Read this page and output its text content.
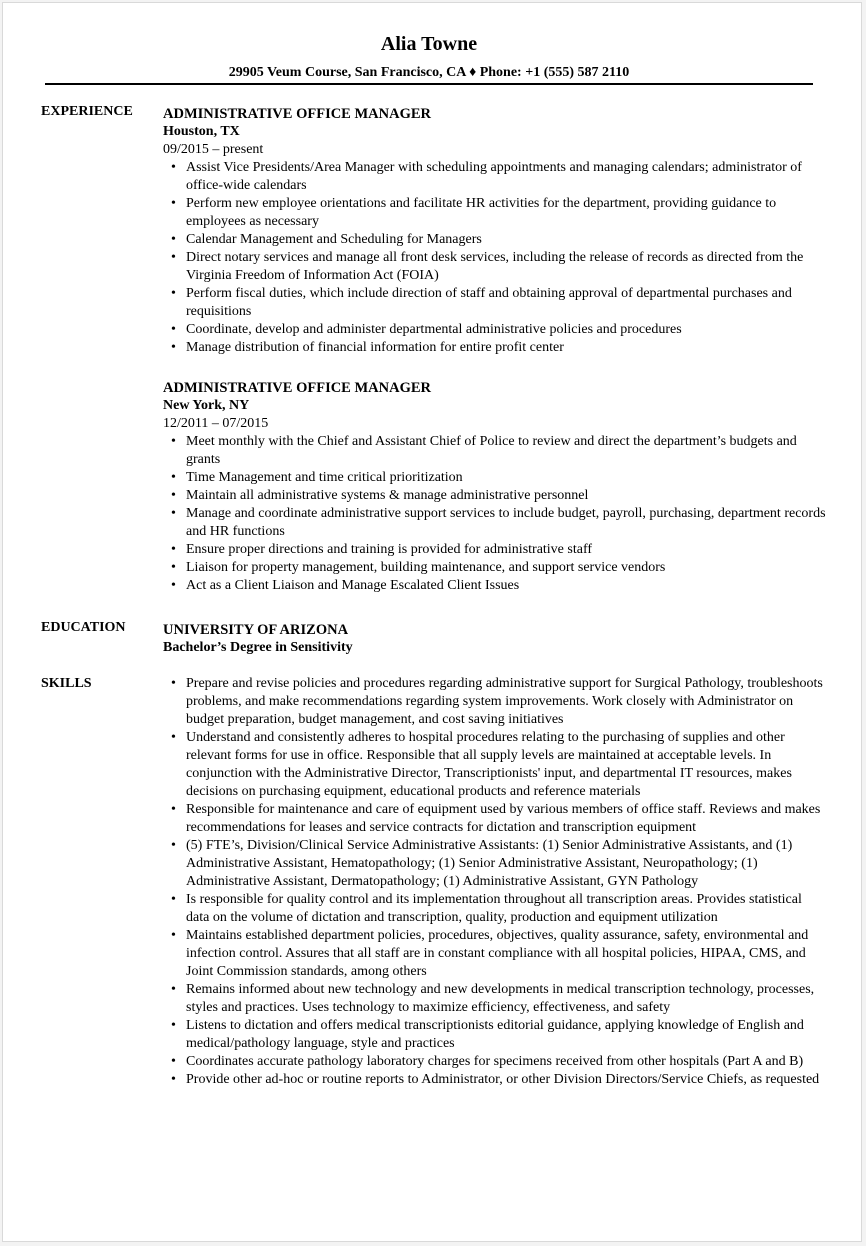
Alia Towne
29905 Veum Course, San Francisco, CA ♦ Phone: +1 (555) 587 2110
EXPERIENCE ADMINISTRATIVE OFFICE MANAGER
Houston, TX
09/2015 – present
• Assist Vice Presidents/Area Manager with scheduling appointments and managing calendars; administrator of office-wide calendars
• Perform new employee orientations and facilitate HR activities for the department, providing guidance to employees as necessary
• Calendar Management and Scheduling for Managers
• Direct notary services and manage all front desk services, including the release of records as directed from the Virginia Freedom of Information Act (FOIA)
• Perform fiscal duties, which include direction of staff and obtaining approval of departmental purchases and requisitions
• Coordinate, develop and administer departmental administrative policies and procedures
• Manage distribution of financial information for entire profit center
ADMINISTRATIVE OFFICE MANAGER
New York, NY
12/2011 – 07/2015
• Meet monthly with the Chief and Assistant Chief of Police to review and direct the department’s budgets and grants
• Time Management and time critical prioritization
• Maintain all administrative systems & manage administrative personnel
• Manage and coordinate administrative support services to include budget, payroll, purchasing, department records and HR functions
• Ensure proper directions and training is provided for administrative staff
• Liaison for property management, building maintenance, and support service vendors
• Act as a Client Liaison and Manage Escalated Client Issues
EDUCATION	UNIVERSITY OF ARIZONA
Bachelor’s Degree in Sensitivity
SKILLS
•	Prepare and revise policies and procedures regarding administrative support for Surgical Pathology, troubleshoots problems, and make recommendations regarding system improvements. Work closely with Administrator on budget preparation, budget management, and cost saving initiatives
• Understand and consistently adheres to hospital procedures relating to the purchasing of supplies and other relevant forms for use in office. Responsible that all supply levels are maintained at acceptable levels. In conjunction with the Administrative Director, Transcriptionists' input, and departmental IT resources, makes decisions on purchasing equipment, educational products and reference materials
• Responsible for maintenance and care of equipment used by various members of office staff. Reviews and makes recommendations for leases and service contracts for dictation and transcription equipment
• (5) FTE’s, Division/Clinical Service Administrative Assistants: (1) Senior Administrative Assistants, and (1) Administrative Assistant, Hematopathology; (1) Senior Administrative Assistant, Neuropathology; (1) Administrative Assistant, Dermatopathology; (1) Administrative Assistant, GYN Pathology
• Is responsible for quality control and its implementation throughout all transcription areas. Provides statistical data on the volume of dictation and transcription, quality, production and equipment utilization
• Maintains established department policies, procedures, objectives, quality assurance, safety, environmental and infection control. Assures that all staff are in constant compliance with all hospital policies, HIPAA, CMS, and Joint Commission standards, among others
• Remains informed about new technology and new developments in medical transcription technology, processes, styles and practices. Uses technology to maximize efficiency, effectiveness, and safety
• Listens to dictation and offers medical transcriptionists editorial guidance, applying knowledge of English and medical/pathology language, style and practices
• Coordinates accurate pathology laboratory charges for specimens received from other hospitals (Part A and B)
• Provide other ad-hoc or routine reports to Administrator, or other Division Directors/Service Chiefs, as requested
